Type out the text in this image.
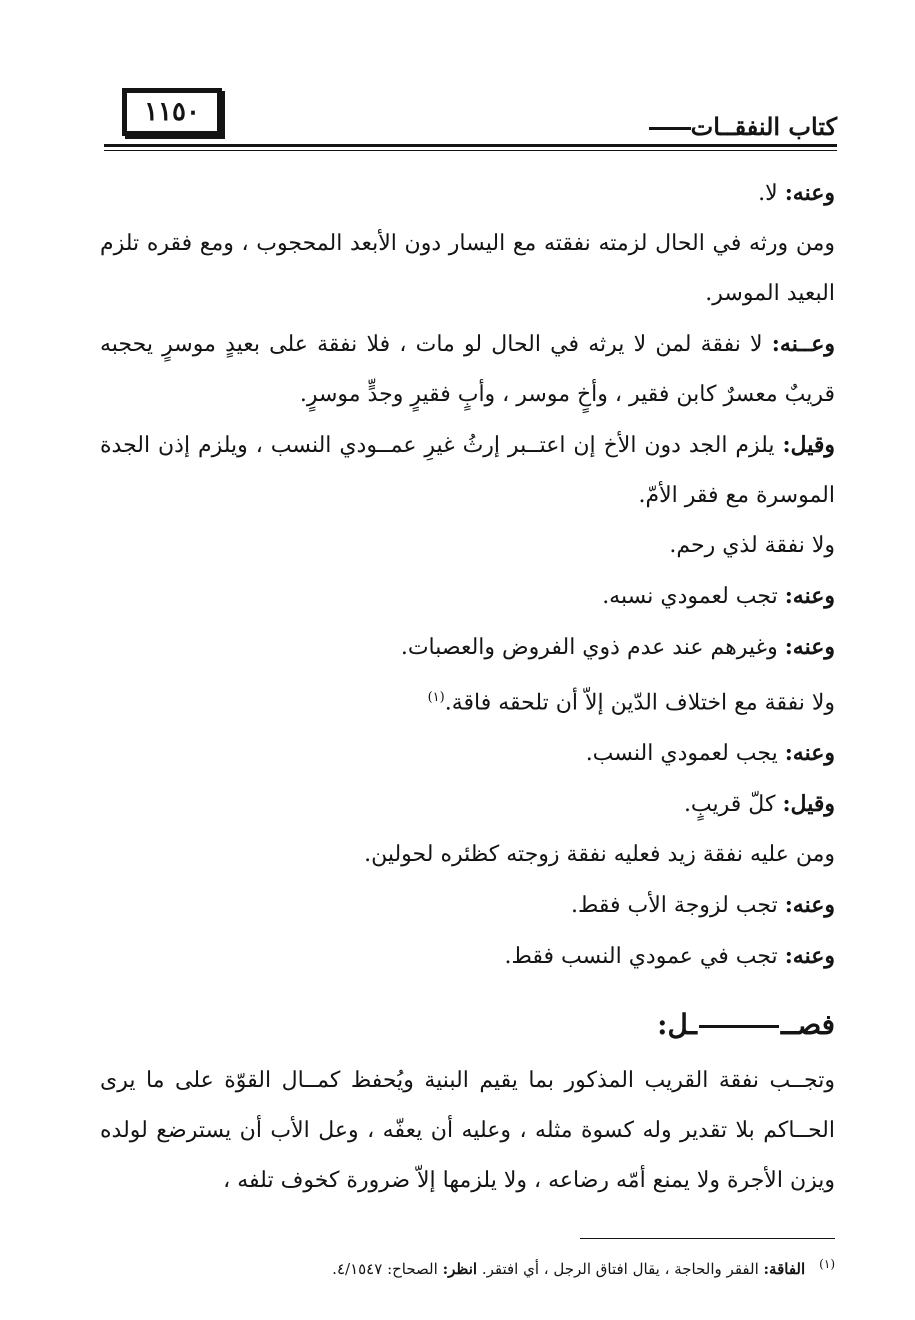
١١٥٠	كتاب النفقــات

وعنه: لا.

ومن ورثه في الحال لزمته نفقته مع اليسار دون الأبعد المحجوب ، ومع فقره تلزم البعيد الموسر.

وعــنه: لا نفقة لمن لا يرثه في الحال لو مات ، فلا نفقة على بعيدٍ موسرٍ يحجبه قريبٌ معسرٌ كابن فقير ، وأخٍ موسر ، وأبٍ فقيرٍ وجدٍّ موسرٍ.

وقيل: يلزم الجد دون الأخ إن اعتــبر إرثُ غيرِ عمــودي النسب ، ويلزم إذن الجدة الموسرة مع فقر الأمّ.

ولا نفقة لذي رحم.

وعنه: تجب لعمودي نسبه.

وعنه: وغيرهم عند عدم ذوي الفروض والعصبات.

ولا نفقة مع اختلاف الدّين إلاّ أن تلحقه فاقة.$^{(١)}$

وعنه: يجب لعمودي النسب.

وقيل: كلّ قريبٍ.

ومن عليه نفقة زيد فعليه نفقة زوجته كظئره لحولين.

وعنه: تجب لزوجة الأب فقط.

وعنه: تجب في عمودي النسب فقط.

فصـــل:

وتجــب نفقة القريب المذكور بما يقيم البنية ويُحفظ كمــال القوّة على ما يرى الحــاكم بلا تقدير وله كسوة مثله ، وعليه أن يعفّه ، وعل الأب أن يسترضع لولده ويزن الأجرة ولا يمنع أمّه رضاعه ، ولا يلزمها إلاّ ضرورة كخوف تلفه ،

$^{(١)}$الفاقة: الفقر والحاجة ، يقال افتاق الرجل ، أي افتقر. انظر: الصحاح: ٤/١٥٤٧.
